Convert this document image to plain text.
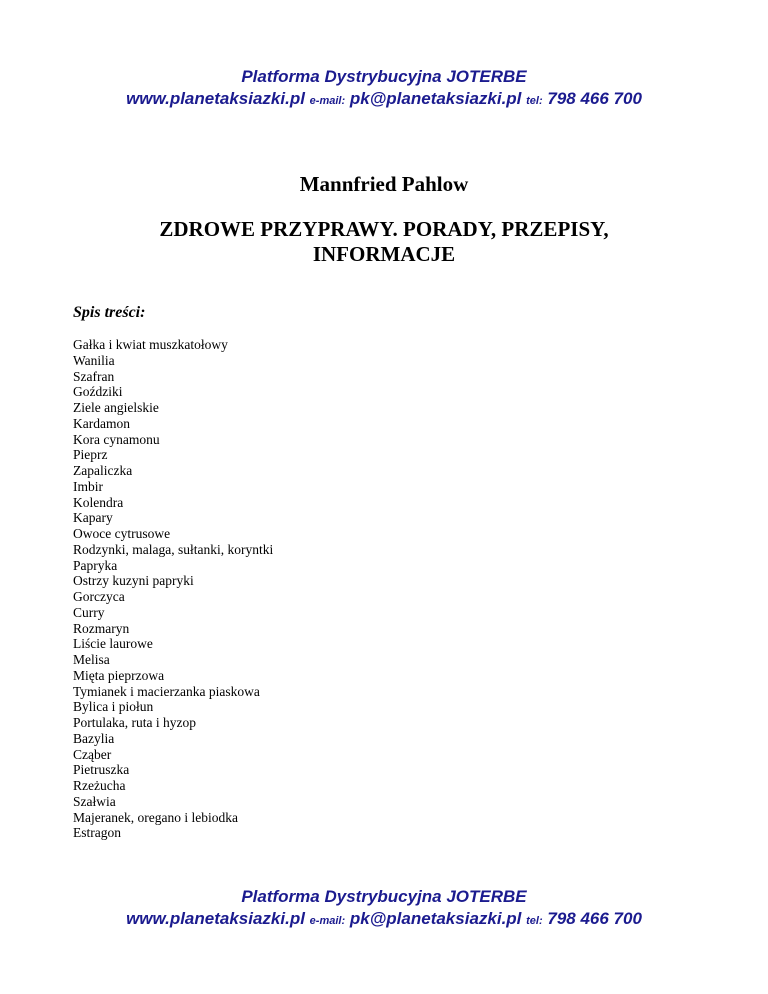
Platforma Dystrybucyjna JOTERBE
www.planetaksiazki.pl e-mail: pk@planetaksiazki.pl tel: 798 466 700
Mannfried Pahlow
ZDROWE PRZYPRAWY. PORADY, PRZEPISY, INFORMACJE
Spis treści:
Gałka i kwiat muszkatołowy
Wanilia
Szafran
Goździki
Ziele angielskie
Kardamon
Kora cynamonu
Pieprz
Zapaliczka
Imbir
Kolendra
Kapary
Owoce cytrusowe
Rodzynki, malaga, sułtanki, koryntki
Papryka
Ostrzy kuzyni papryki
Gorczyca
Curry
Rozmaryn
Liście laurowe
Melisa
Mięta pieprzowa
Tymianek i macierzanka piaskowa
Bylica i piołun
Portulaka, ruta i hyzop
Bazylia
Cząber
Pietruszka
Rzeżucha
Szałwia
Majeranek, oregano i lebiodka
Estragon
Platforma Dystrybucyjna JOTERBE
www.planetaksiazki.pl e-mail: pk@planetaksiazki.pl tel: 798 466 700
